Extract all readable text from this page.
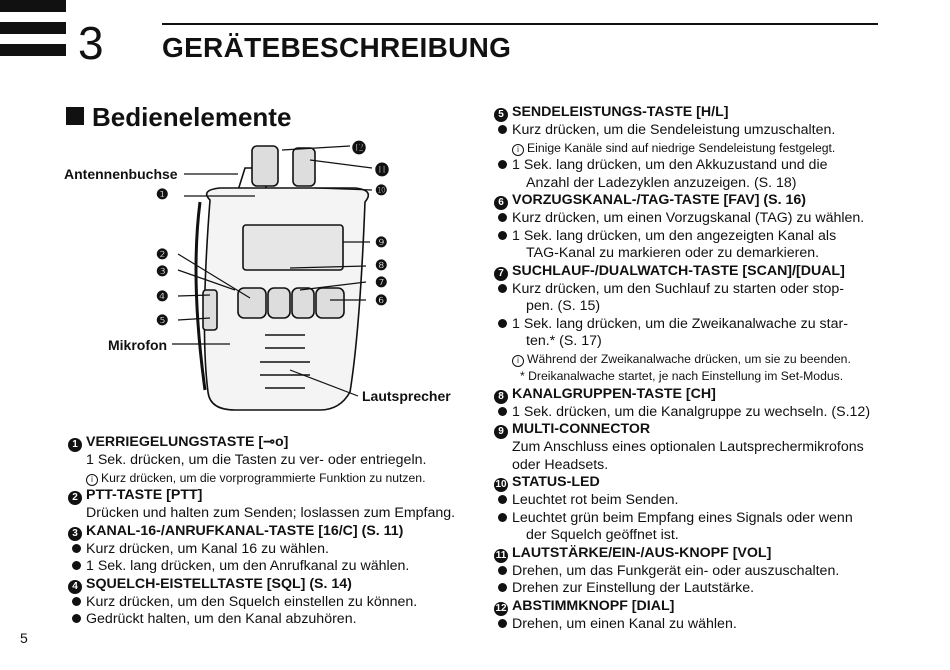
3 GERÄTEBESCHREIBUNG
Bedienelemente
Antennenbuchse
Mikrofon
Lautsprecher
❶
❷
❸
❹
❺
❻
❼
❽
❾
❿
⓫
⓬
1 VERRIEGELUNGSTASTE [⊸o]
1 Sek. drücken, um die Tasten zu ver- oder entriegeln.
i Kurz drücken, um die vorprogrammierte Funktion zu nutzen.
2 PTT-TASTE [PTT]
Drücken und halten zum Senden; loslassen zum Empfang.
3 KANAL-16-/ANRUFKANAL-TASTE [16/C] (S. 11)
Kurz drücken, um Kanal 16 zu wählen.
1 Sek. lang drücken, um den Anrufkanal zu wählen.
4 SQUELCH-EISTELLTASTE [SQL] (S. 14)
Kurz drücken, um den Squelch einstellen zu können.
Gedrückt halten, um den Kanal abzuhören.
5 SENDELEISTUNGS-TASTE [H/L]
Kurz drücken, um die Sendeleistung umzuschalten.
i Einige Kanäle sind auf niedrige Sendeleistung festgelegt.
1 Sek. lang drücken, um den Akkuzustand und die
Anzahl der Ladezyklen anzuzeigen. (S. 18)
6 VORZUGSKANAL-/TAG-TASTE [FAV] (S. 16)
Kurz drücken, um einen Vorzugskanal (TAG) zu wählen.
1 Sek. lang drücken, um den angezeigten Kanal als
TAG-Kanal zu markieren oder zu demarkieren.
7 SUCHLAUF-/DUALWATCH-TASTE [SCAN]/[DUAL]
Kurz drücken, um den Suchlauf zu starten oder stop-
pen. (S. 15)
1 Sek. lang drücken, um die Zweikanalwache zu star-
ten.* (S. 17)
i Während der Zweikanalwache drücken, um sie zu beenden.
* Dreikanalwache startet, je nach Einstellung im Set-Modus.
8 KANALGRUPPEN-TASTE [CH]
1 Sek. drücken, um die Kanalgruppe zu wechseln. (S.12)
9 MULTI-CONNECTOR
Zum Anschluss eines optionalen Lautsprechermikrofons
oder Headsets.
10 STATUS-LED
Leuchtet rot beim Senden.
Leuchtet grün beim Empfang eines Signals oder wenn
der Squelch geöffnet ist.
11 LAUTSTÄRKE/EIN-/AUS-KNOPF [VOL]
Drehen, um das Funkgerät ein- oder auszuschalten.
Drehen zur Einstellung der Lautstärke.
12 ABSTIMMKNOPF [DIAL]
Drehen, um einen Kanal zu wählen.
5
